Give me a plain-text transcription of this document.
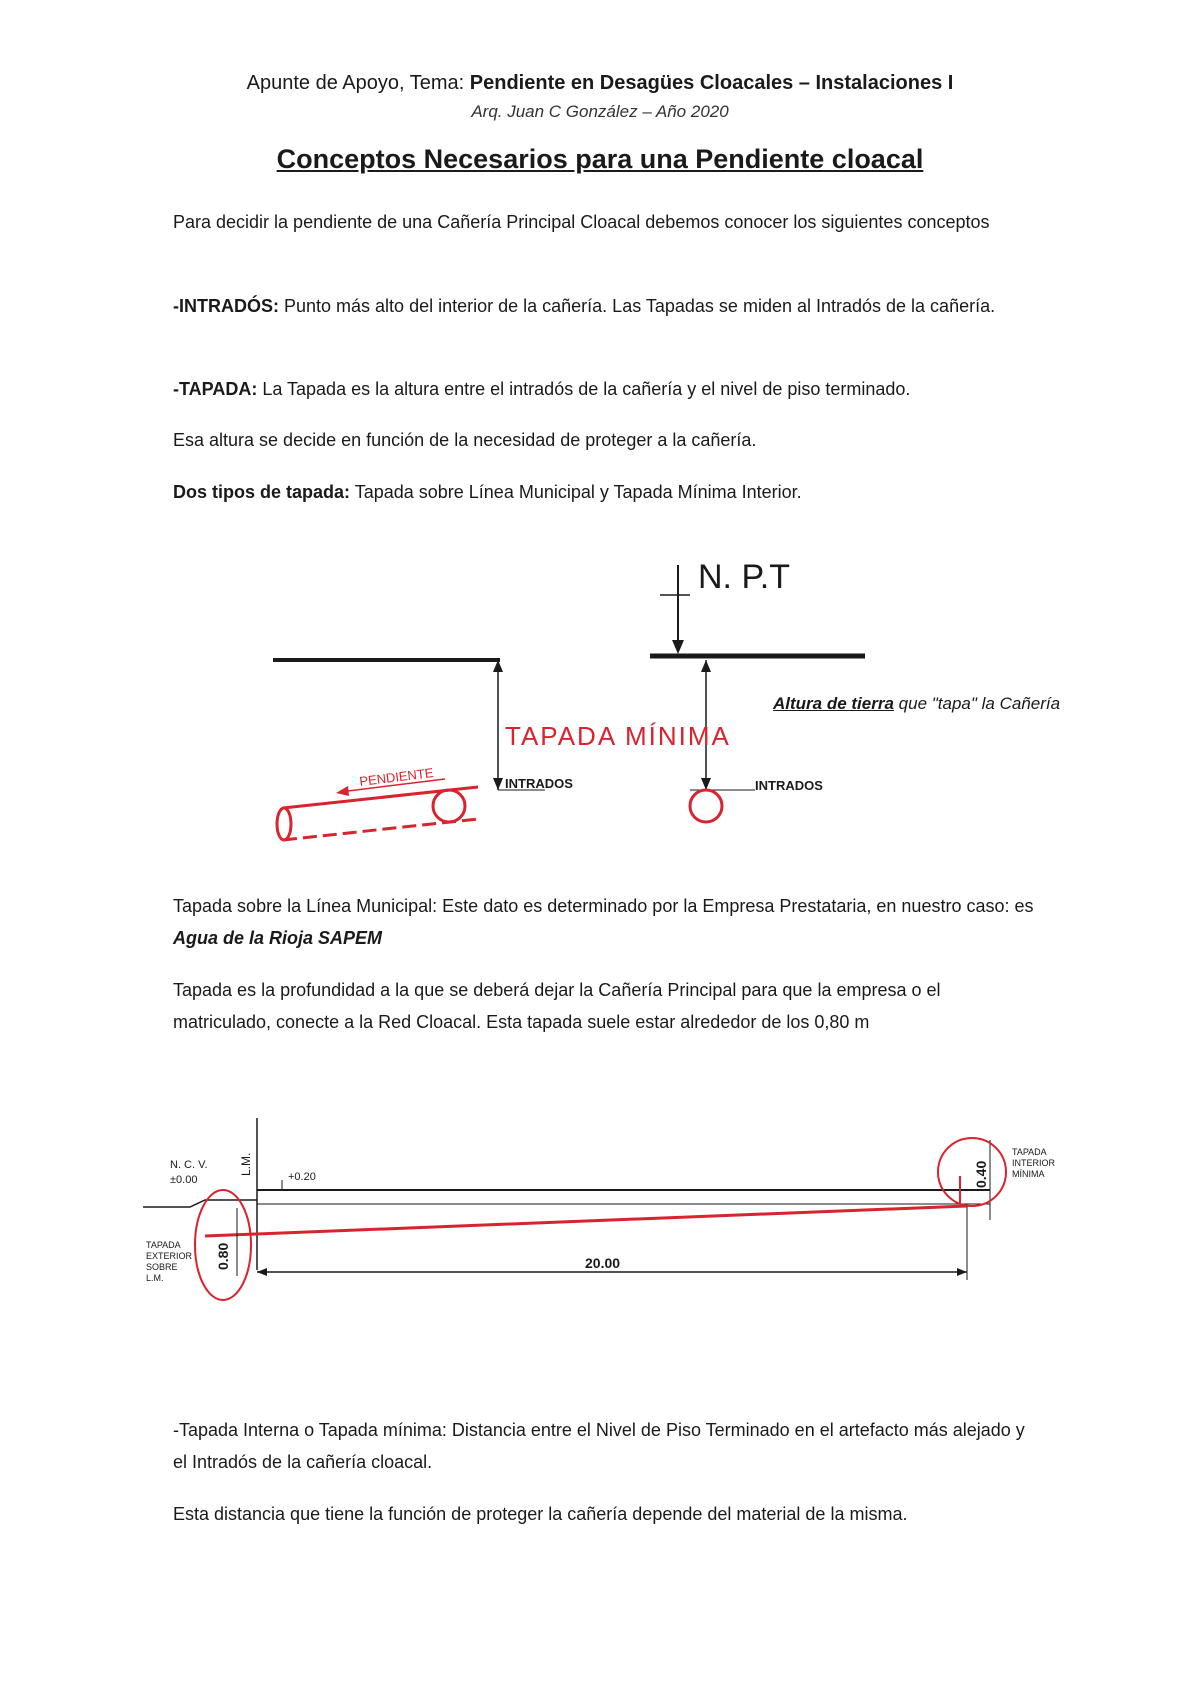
Apunte de Apoyo, Tema: Pendiente en Desagües Cloacales – Instalaciones I
Arq. Juan C González – Año 2020
Conceptos Necesarios para una Pendiente cloacal
Para decidir la pendiente de una Cañería Principal Cloacal debemos conocer los siguientes conceptos
-INTRADÓS: Punto más alto del interior de la cañería. Las Tapadas se miden al Intradós de la cañería.
-TAPADA: La Tapada es la altura entre el intradós de la cañería y el nivel de piso terminado.
Esa altura se decide en función de la necesidad de proteger a la cañería.
Dos tipos de tapada: Tapada sobre Línea Municipal y Tapada Mínima Interior.
N. P.T
INTRADOS
INTRADOS
TAPADA MÍNIMA
PENDIENTE
L.M.
N. C. V.
±0.00	+0.20
0.80
TAPADA
EXTERIOR
SOBRE
L.M.
20.00
0.40
TAPADA
INTERIOR
MÍNIMA
Altura de tierra que "tapa" la Cañería
Tapada sobre la Línea Municipal: Este dato es determinado por la Empresa Prestataria, en nuestro caso: es Agua de la Rioja SAPEM
Tapada es la profundidad a la que se deberá dejar la Cañería Principal para que la empresa o el matriculado, conecte a la Red Cloacal. Esta tapada suele estar alrededor de los 0,80 m
-Tapada Interna o Tapada mínima: Distancia entre el Nivel de Piso Terminado en el artefacto más alejado y el Intradós de la cañería cloacal.
Esta distancia que tiene la función de proteger la cañería depende del material de la misma.
